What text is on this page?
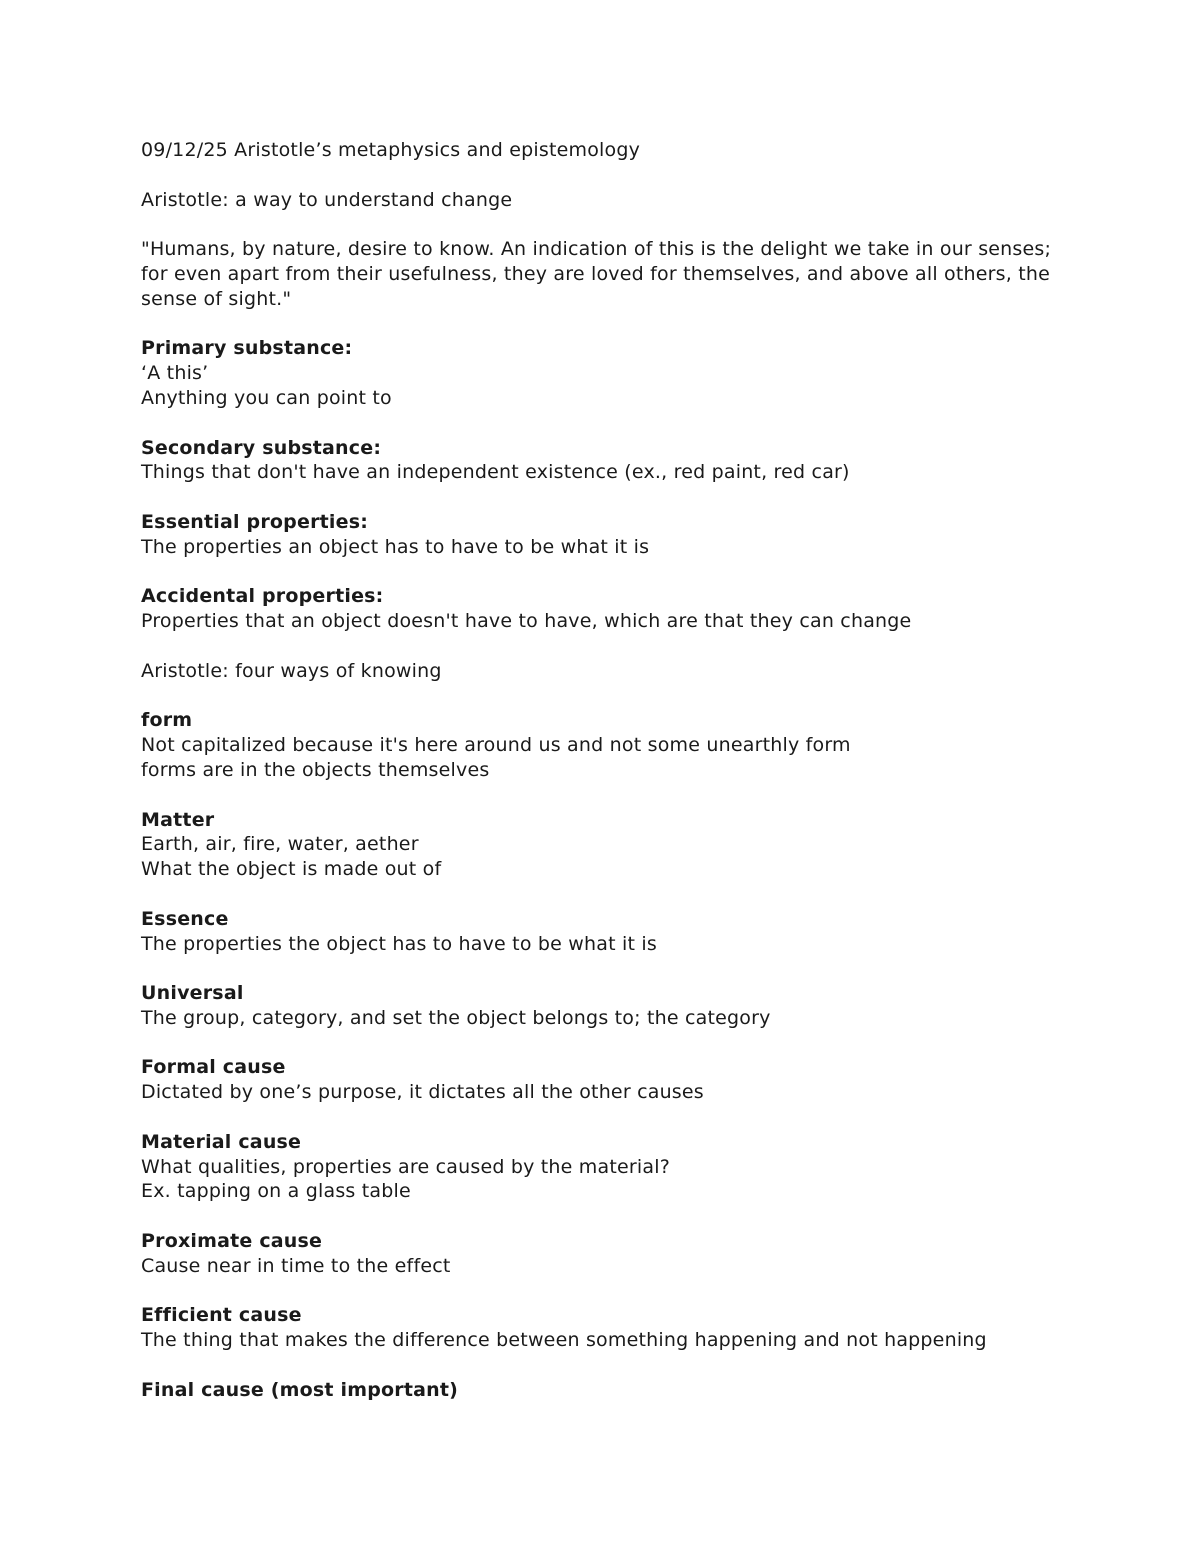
09/12/25 Aristotle’s metaphysics and epistemology
Aristotle: a way to understand change
"Humans, by nature, desire to know. An indication of this is the delight we take in our senses;
for even apart from their usefulness, they are loved for themselves, and above all others, the
sense of sight."
Primary substance:
‘A this’
Anything you can point to
Secondary substance:
Things that don't have an independent existence (ex., red paint, red car)
Essential properties:
The properties an object has to have to be what it is
Accidental properties:
Properties that an object doesn't have to have, which are that they can change
Aristotle: four ways of knowing
form
Not capitalized because it's here around us and not some unearthly form
forms are in the objects themselves
Matter
Earth, air, fire, water, aether
What the object is made out of
Essence
The properties the object has to have to be what it is
Universal
The group, category, and set the object belongs to; the category
Formal cause
Dictated by one’s purpose, it dictates all the other causes
Material cause
What qualities, properties are caused by the material?
Ex. tapping on a glass table
Proximate cause
Cause near in time to the effect
Efficient cause
The thing that makes the difference between something happening and not happening
Final cause (most important)
